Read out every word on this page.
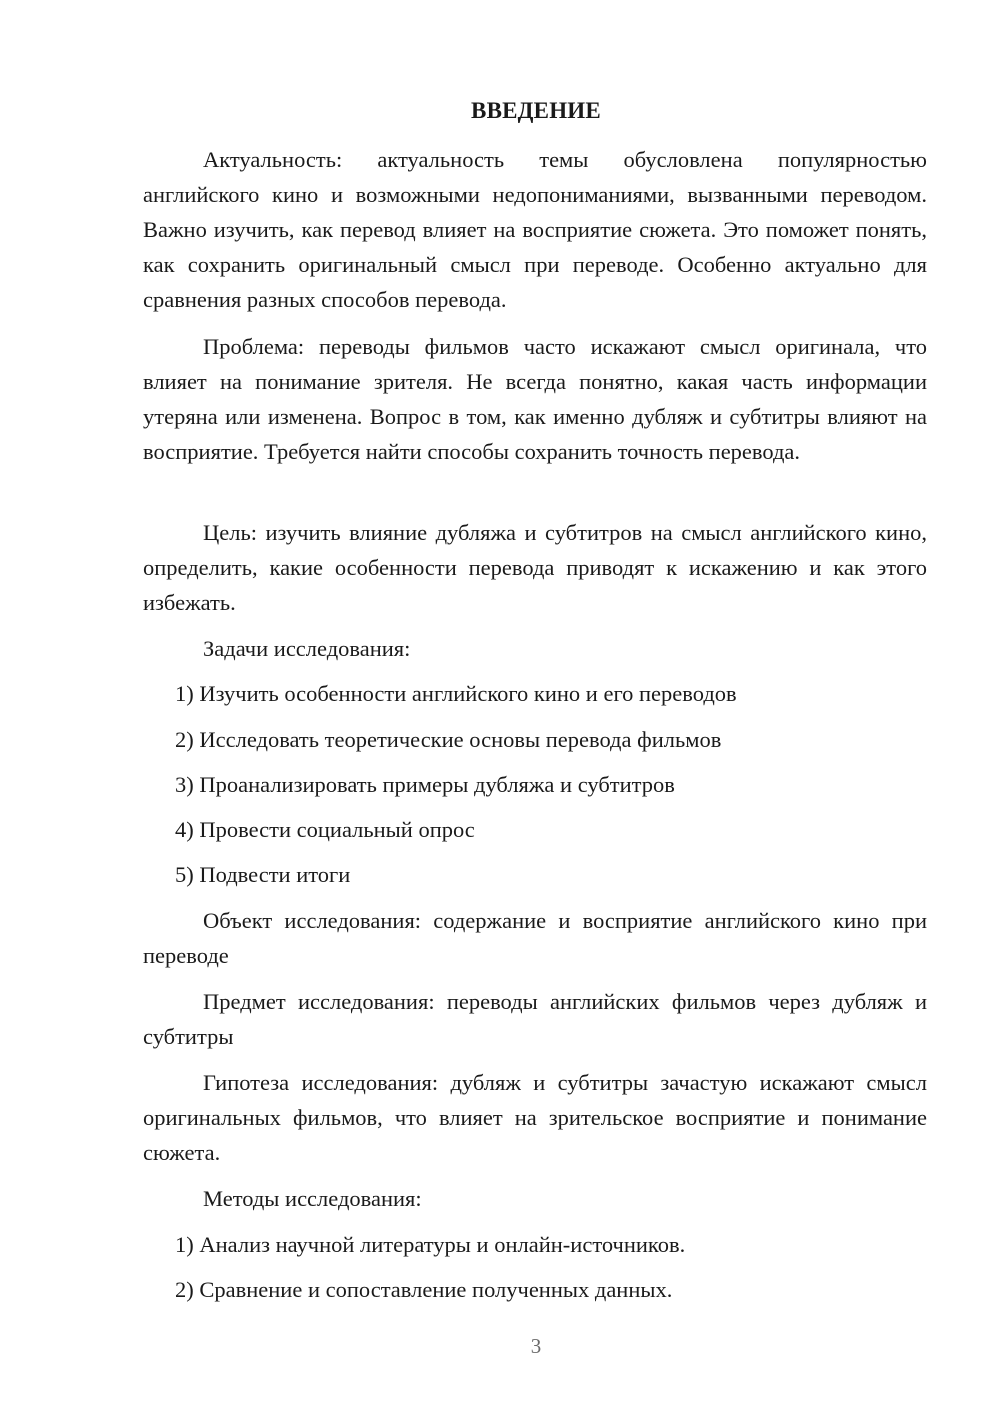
ВВЕДЕНИЕ

Актуальность: актуальность темы обусловлена популярностью английского кино и возможными недопониманиями, вызванными переводом. Важно изучить, как перевод влияет на восприятие сюжета. Это поможет понять, как сохранить оригинальный смысл при переводе. Особенно актуально для сравнения разных способов перевода.

Проблема: переводы фильмов часто искажают смысл оригинала, что влияет на понимание зрителя. Не всегда понятно, какая часть информации утеряна или изменена. Вопрос в том, как именно дубляж и субтитры влияют на восприятие. Требуется найти способы сохранить точность перевода.

Цель: изучить влияние дубляжа и субтитров на смысл английского кино, определить, какие особенности перевода приводят к искажению и как этого избежать.

Задачи исследования:

1) Изучить особенности английского кино и его переводов

2) Исследовать теоретические основы перевода фильмов

3) Проанализировать примеры дубляжа и субтитров

4) Провести социальный опрос

5) Подвести итоги

Объект исследования: содержание и восприятие английского кино при переводе

Предмет исследования: переводы английских фильмов через дубляж и субтитры

Гипотеза исследования: дубляж и субтитры зачастую искажают смысл оригинальных фильмов, что влияет на зрительское восприятие и понимание сюжета.

Методы исследования:

1) Анализ научной литературы и онлайн-источников.

2) Сравнение и сопоставление полученных данных.

3
